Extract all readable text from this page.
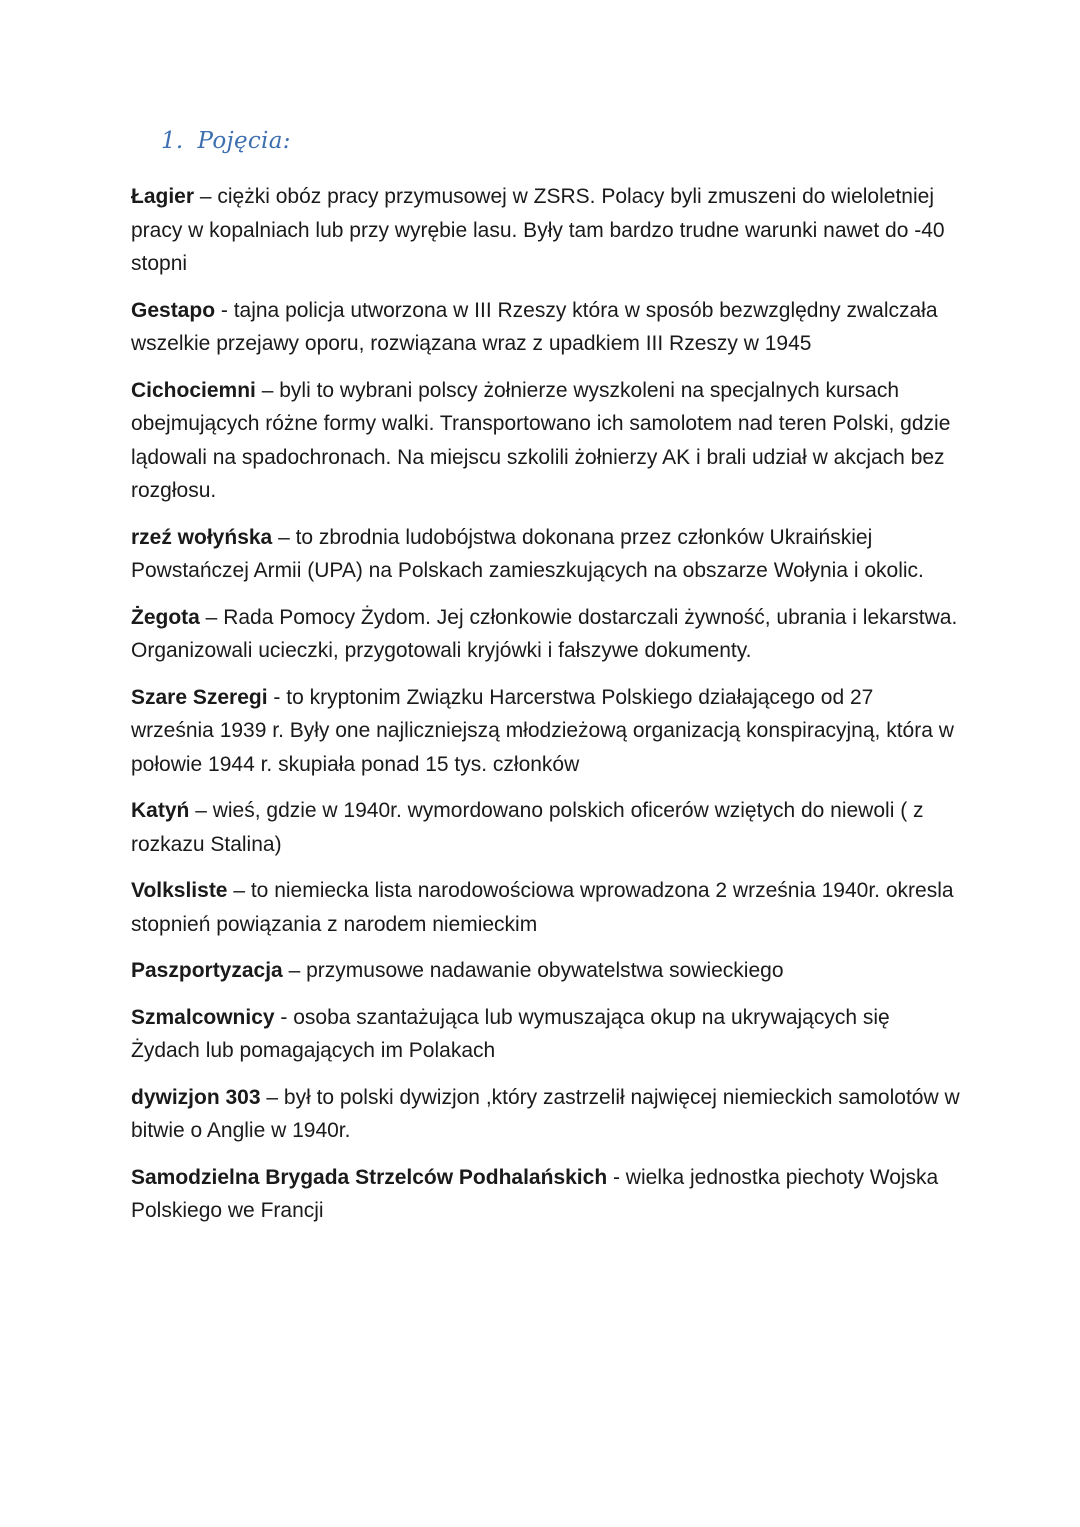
1. Pojęcia:

Łagier – ciężki obóz pracy przymusowej w ZSRS. Polacy byli zmuszeni do wieloletniej pracy w kopalniach lub przy wyrębie lasu. Były tam bardzo trudne warunki nawet do -40 stopni

Gestapo - tajna policja utworzona w III Rzeszy która w sposób bezwzględny zwalczała wszelkie przejawy oporu, rozwiązana wraz z upadkiem III Rzeszy w 1945

Cichociemni – byli to wybrani polscy żołnierze wyszkoleni na specjalnych kursach obejmujących różne formy walki. Transportowano ich samolotem nad teren Polski, gdzie lądowali na spadochronach. Na miejscu szkolili żołnierzy AK i brali udział w akcjach bez rozgłosu.

rzeź wołyńska – to zbrodnia ludobójstwa dokonana przez członków Ukraińskiej Powstańczej Armii (UPA) na Polskach zamieszkujących na obszarze Wołynia i okolic.

Żegota – Rada Pomocy Żydom. Jej członkowie dostarczali żywność, ubrania i lekarstwa. Organizowali ucieczki, przygotowali kryjówki i fałszywe dokumenty.

Szare Szeregi - to kryptonim Związku Harcerstwa Polskiego działającego od 27 września 1939 r. Były one najliczniejszą młodzieżową organizacją konspiracyjną, która w połowie 1944 r. skupiała ponad 15 tys. członków

Katyń – wieś, gdzie w 1940r. wymordowano polskich oficerów wziętych do niewoli ( z rozkazu Stalina)

Volksliste – to niemiecka lista narodowościowa wprowadzona 2 września 1940r. okresla stopnień powiązania z narodem niemieckim

Paszportyzacja – przymusowe nadawanie obywatelstwa sowieckiego

Szmalcownicy - osoba szantażująca lub wymuszająca okup na ukrywających się Żydach lub pomagających im Polakach

dywizjon 303 – był to polski dywizjon ,który zastrzelił najwięcej niemieckich samolotów w bitwie o Anglie w 1940r.

Samodzielna Brygada Strzelców Podhalańskich - wielka jednostka piechoty Wojska Polskiego we Francji
